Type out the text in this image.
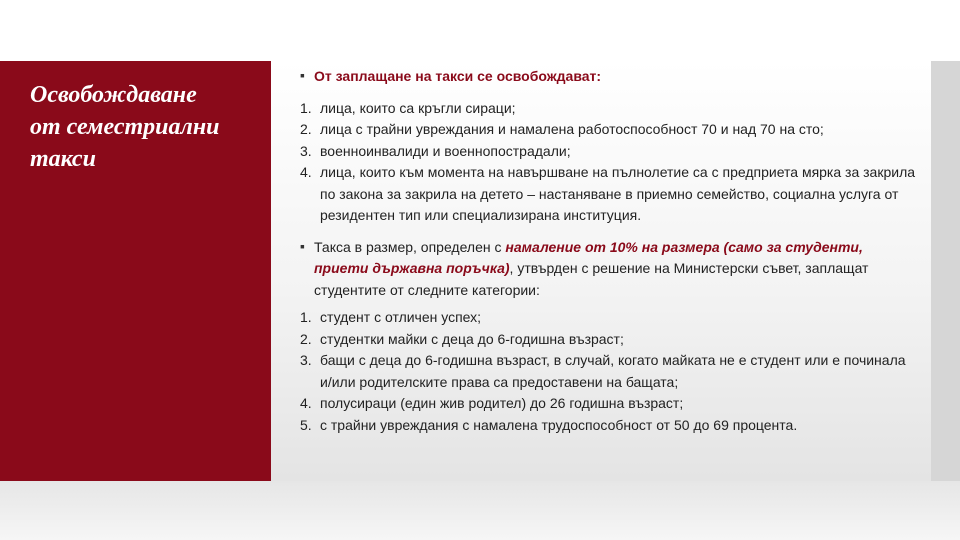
Освобождаване
от семестриални
такси
▪ От заплащане на такси се освобождават:
1. лица, които са кръгли сираци;
2. лица с трайни увреждания и намалена работоспособност 70 и над 70 на сто;
3. военноинвалиди и военнопострадали;
4. лица, които към момента на навършване на пълнолетие са с предприета мярка за закрила по закона за закрила на детето – настаняване в приемно семейство, социална услуга от резидентен тип или специализирана институция.
▪ Такса в размер, определен с намаление от 10% на размера (само за студенти, приети държавна поръчка), утвърден с решение на Министерски съвет, заплащат студентите от следните категории:
1. студент с отличен успех;
2. студентки майки с деца до 6-годишна възраст;
3. бащи с деца до 6-годишна възраст, в случай, когато майката не е студент или е починала и/или родителските права са предоставени на бащата;
4. полусираци (един жив родител) до 26 годишна възраст;
5. с трайни увреждания с намалена трудоспособност от 50 до 69 процента.
